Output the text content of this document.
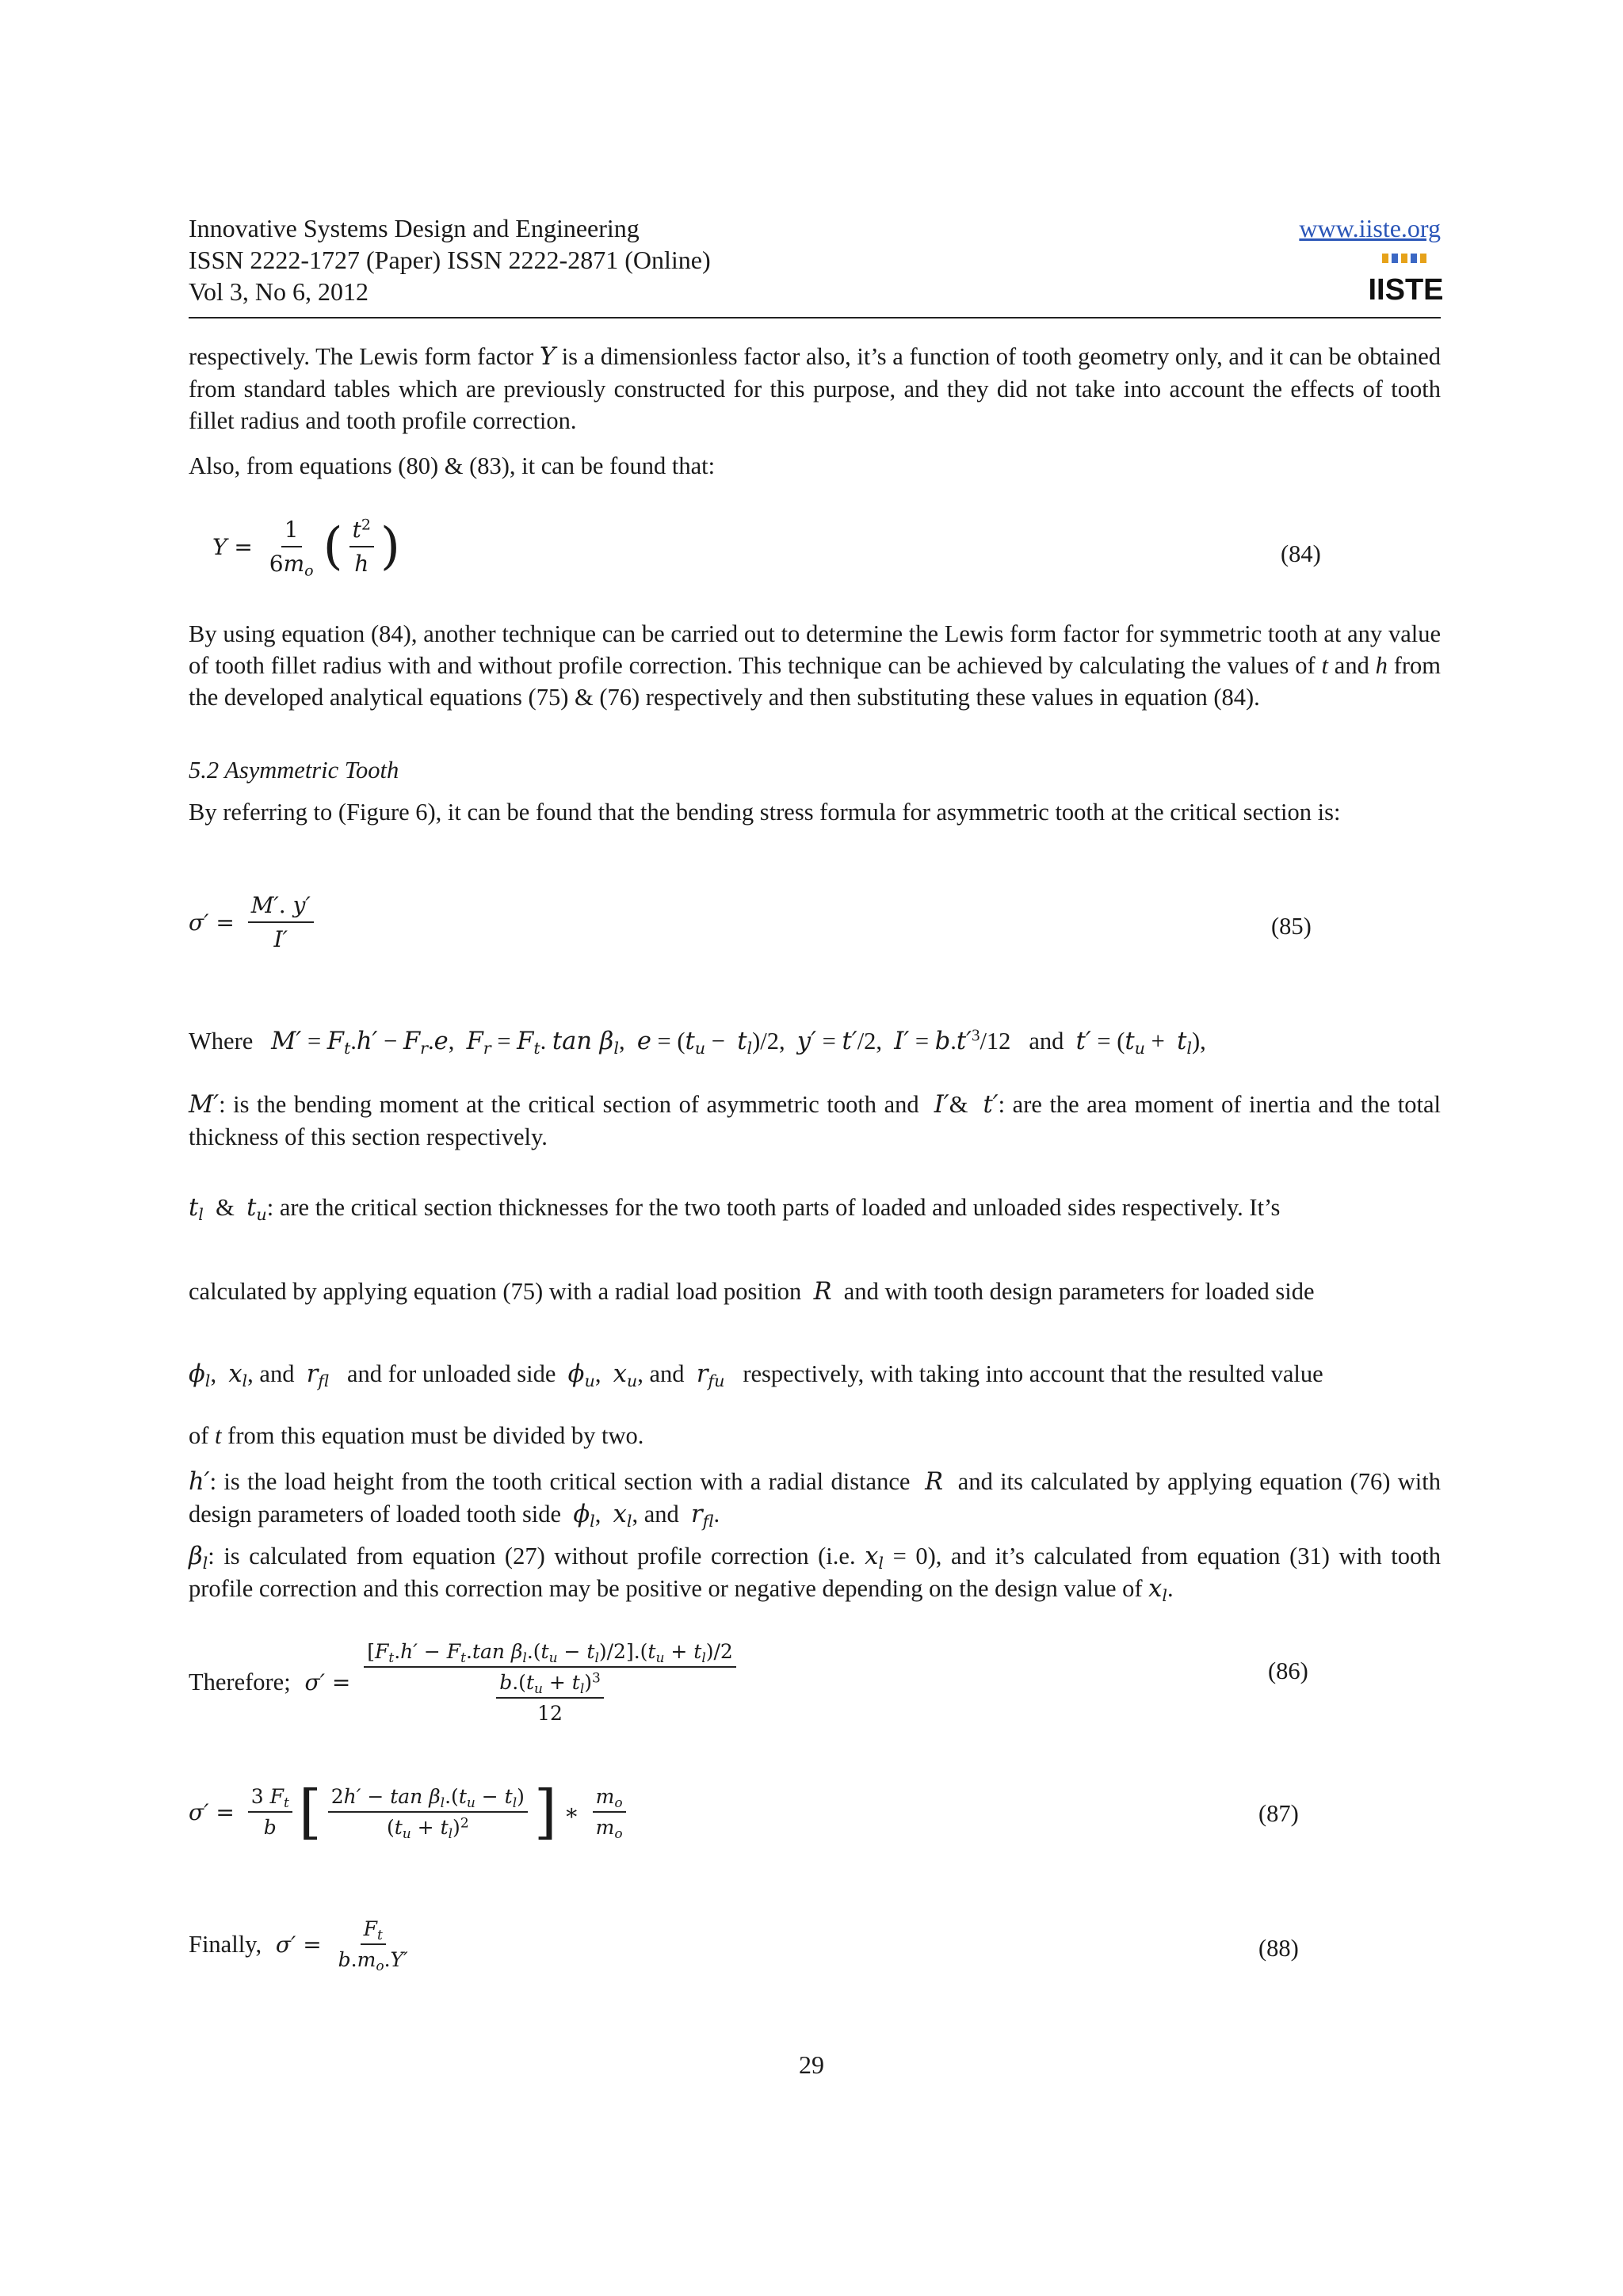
Innovative Systems Design and Engineering
ISSN 2222-1727 (Paper) ISSN 2222-2871 (Online)
Vol 3, No 6, 2012
www.iiste.org
IISTE

respectively. The Lewis form factor Y is a dimensionless factor also, it’s a function of tooth geometry only, and it can be obtained from standard tables which are previously constructed for this purpose, and they did not take into account the effects of tooth fillet radius and tooth profile correction.

Also, from equations (80) & (83), it can be found that:

$Y = \frac{1}{6m_o}$ ( $\frac{t^2}{h}$ )	(84)

By using equation (84), another technique can be carried out to determine the Lewis form factor for symmetric tooth at any value of tooth fillet radius with and without profile correction. This technique can be achieved by calculating the values of t and h from the developed analytical equations (75) & (76) respectively and then substituting these values in equation (84).

5.2 Asymmetric Tooth

By referring to (Figure 6), it can be found that the bending stress formula for asymmetric tooth at the critical section is:

$\sigma' = \frac{M'. y'}{I'}$	(85)
Where $M' = F_t.h' - F_r.e$,  $F_r = F_t$. $\tan \beta_l$,  $e = (t_u - t_l)/2$,  y′ = t′/2,  $I' = b.t'^3/12$   and $t' = (t_u + t_l)$,

M′: is the bending moment at the critical section of asymmetric tooth and I′&  t′: are the area moment of inertia and the total thickness of this section respectively.

$t_l$  &  $t_u$: are the critical section thicknesses for the two tooth parts of loaded and unloaded sides respectively. It’s
calculated by applying equation (75) with a radial load position R and with tooth design parameters for loaded side
$\phi_l$,  $x_l$, and  $r_{fl}$ and for unloaded side $\phi_u$,  $x_u$, and  $r_{fu}$ respectively, with taking into account that the resulted value

of t from this equation must be divided by two.

h′: is the load height from the tooth critical section with a radial distance R and its calculated by applying equation (76) with design parameters of loaded tooth side $\phi_l$,  $x_l$, and  $r_{fl}$.

$\beta_l$: is calculated from equation (27) without profile correction (i.e. $x_l = 0$), and it’s calculated from equation (31) with tooth profile correction and this correction may be positive or negative depending on the design value of $x_l$.

Therefore;
$\sigma' = \frac{[F_t.h' - F_t.\tan \beta_l.(t_u - t_l)/2].(t_u + t_l)/2}{\frac{b.(t_u + t_l)^3}{12}}$	(86)
$\sigma' = \frac{3 F_t}{b}$ [ $\frac{2h' - \tan \beta_l.(t_u - t_l)}{(t_u + t_l)^2}$ ] ∗ $\frac{m_o}{m_o}$	(87)
Finally,
$\sigma' = \frac{F_t}{b.m_o.Y'}$	(88)
29
